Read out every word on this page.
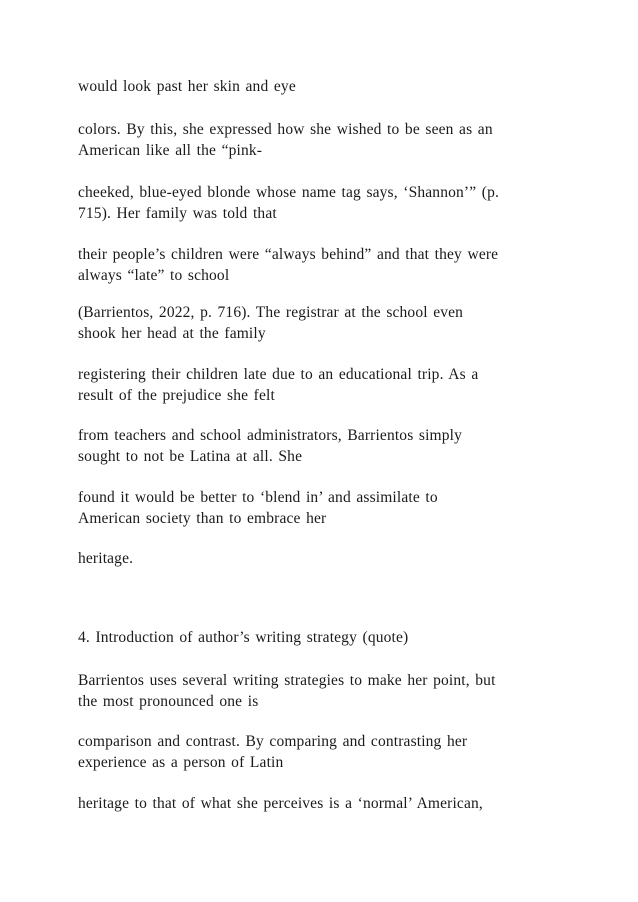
would look past her skin and eye

colors. By this, she expressed how she wished to be seen as an
American like all the “pink-

cheeked, blue-eyed blonde whose name tag says, ‘Shannon’” (p.
715). Her family was told that

their people’s children were “always behind” and that they were
always “late” to school

(Barrientos, 2022, p. 716). The registrar at the school even
shook her head at the family

registering their children late due to an educational trip. As a
result of the prejudice she felt

from teachers and school administrators, Barrientos simply
sought to not be Latina at all. She

found it would be better to ‘blend in’ and assimilate to
American society than to embrace her

heritage.

4. Introduction of author’s writing strategy (quote)

Barrientos uses several writing strategies to make her point, but
the most pronounced one is

comparison and contrast. By comparing and contrasting her
experience as a person of Latin

heritage to that of what she perceives is a ‘normal’ American,
